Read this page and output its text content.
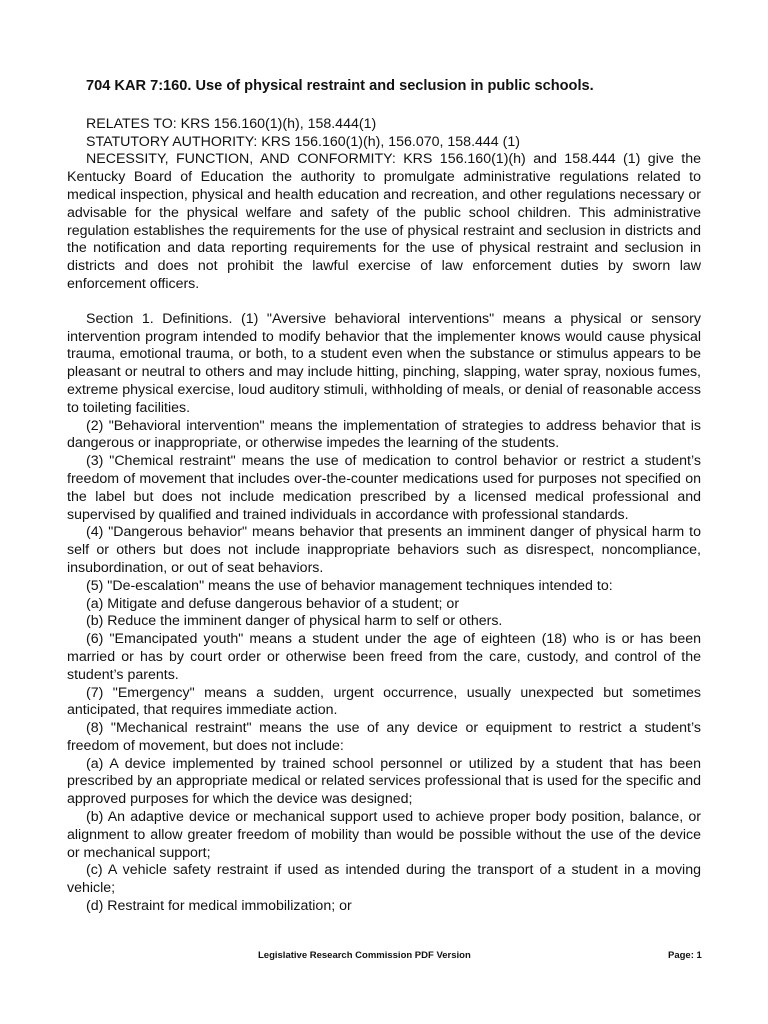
704 KAR 7:160. Use of physical restraint and seclusion in public schools.

RELATES TO: KRS 156.160(1)(h), 158.444(1)

STATUTORY AUTHORITY: KRS 156.160(1)(h), 156.070, 158.444 (1)

NECESSITY, FUNCTION, AND CONFORMITY: KRS 156.160(1)(h) and 158.444 (1) give the Kentucky Board of Education the authority to promulgate administrative regulations related to medical inspection, physical and health education and recreation, and other regulations necessary or advisable for the physical welfare and safety of the public school children. This administrative regulation establishes the requirements for the use of physical restraint and seclusion in districts and the notification and data reporting requirements for the use of physical restraint and seclusion in districts and does not prohibit the lawful exercise of law enforcement duties by sworn law enforcement officers.

Section 1. Definitions. (1) "Aversive behavioral interventions" means a physical or sensory intervention program intended to modify behavior that the implementer knows would cause physical trauma, emotional trauma, or both, to a student even when the substance or stimulus appears to be pleasant or neutral to others and may include hitting, pinching, slapping, water spray, noxious fumes, extreme physical exercise, loud auditory stimuli, withholding of meals, or denial of reasonable access to toileting facilities.

(2) "Behavioral intervention" means the implementation of strategies to address behavior that is dangerous or inappropriate, or otherwise impedes the learning of the students.

(3) "Chemical restraint" means the use of medication to control behavior or restrict a student’s freedom of movement that includes over-the-counter medications used for purposes not specified on the label but does not include medication prescribed by a licensed medical professional and supervised by qualified and trained individuals in accordance with professional standards.

(4) "Dangerous behavior" means behavior that presents an imminent danger of physical harm to self or others but does not include inappropriate behaviors such as disrespect, noncompliance, insubordination, or out of seat behaviors.

(5) "De-escalation" means the use of behavior management techniques intended to:

(a) Mitigate and defuse dangerous behavior of a student; or

(b) Reduce the imminent danger of physical harm to self or others.

(6) "Emancipated youth" means a student under the age of eighteen (18) who is or has been married or has by court order or otherwise been freed from the care, custody, and control of the student’s parents.

(7) "Emergency" means a sudden, urgent occurrence, usually unexpected but sometimes anticipated, that requires immediate action.

(8) "Mechanical restraint" means the use of any device or equipment to restrict a student’s freedom of movement, but does not include:

(a) A device implemented by trained school personnel or utilized by a student that has been prescribed by an appropriate medical or related services professional that is used for the specific and approved purposes for which the device was designed;

(b) An adaptive device or mechanical support used to achieve proper body position, balance, or alignment to allow greater freedom of mobility than would be possible without the use of the device or mechanical support;

(c) A vehicle safety restraint if used as intended during the transport of a student in a moving vehicle;

(d) Restraint for medical immobilization; or

Legislative Research Commission PDF Version	Page: 1
